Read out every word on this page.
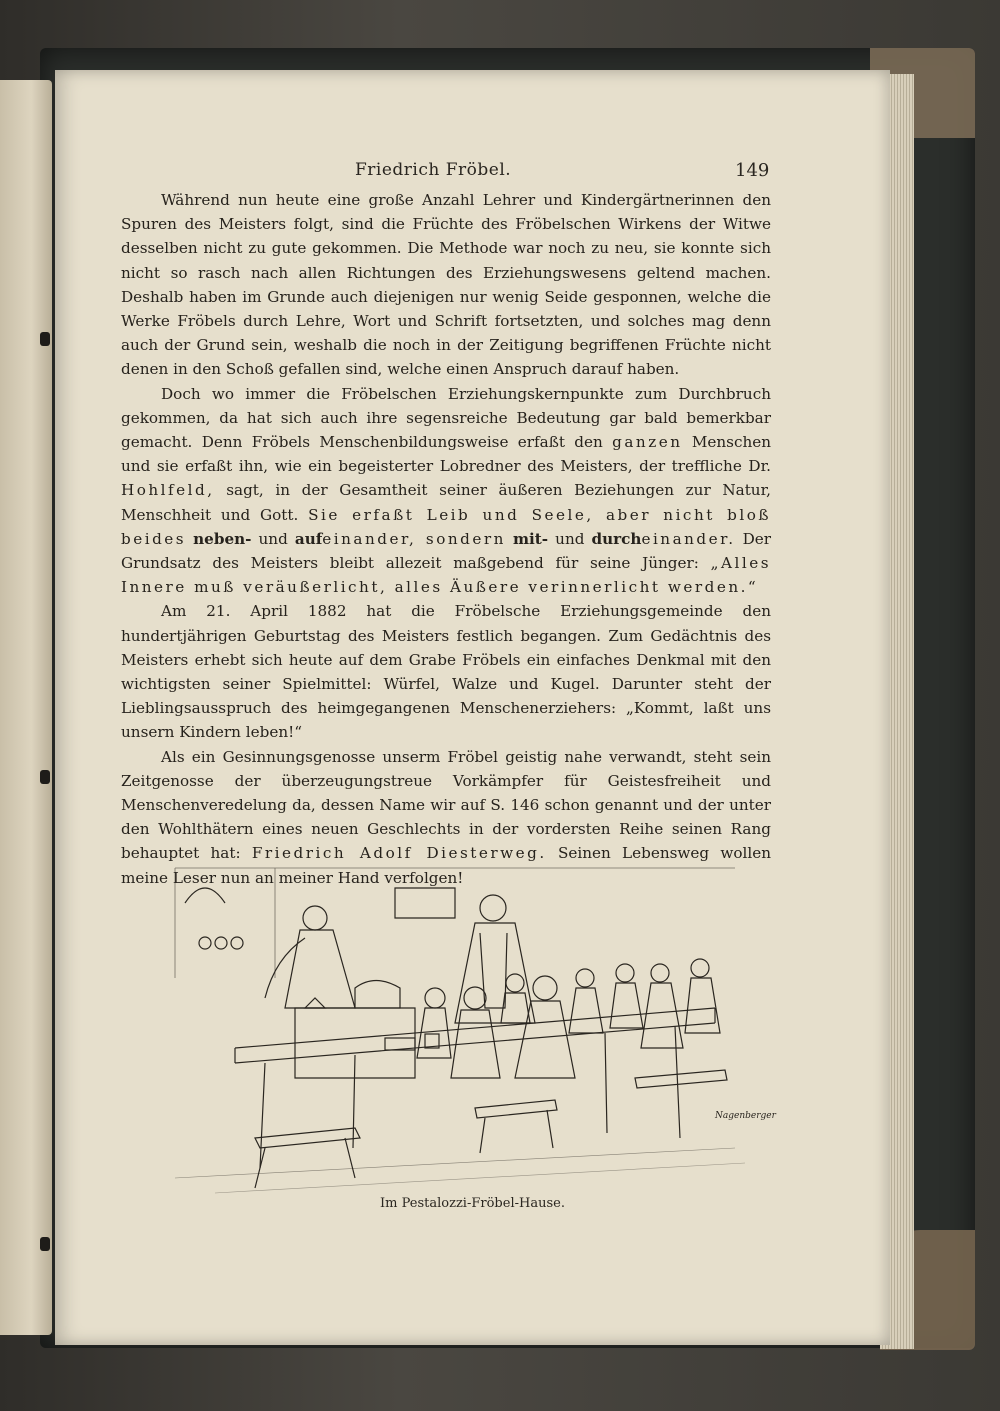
Friedrich Fröbel.	149

Während nun heute eine große Anzahl Lehrer und Kindergärtnerinnen den Spuren des Meisters folgt, sind die Früchte des Fröbelschen Wirkens der Witwe desselben nicht zu gute gekommen. Die Methode war noch zu neu, sie konnte sich nicht so rasch nach allen Richtungen des Erziehungswesens geltend machen. Deshalb haben im Grunde auch diejenigen nur wenig Seide gesponnen, welche die Werke Fröbels durch Lehre, Wort und Schrift fortsetzten, und solches mag denn auch der Grund sein, weshalb die noch in der Zeitigung begriffenen Früchte nicht denen in den Schoß gefallen sind, welche einen Anspruch darauf haben.

Doch wo immer die Fröbelschen Erziehungskernpunkte zum Durchbruch gekommen, da hat sich auch ihre segensreiche Bedeutung gar bald bemerkbar gemacht. Denn Fröbels Menschenbildungsweise erfaßt den ganzen Menschen und sie erfaßt ihn, wie ein begeisterter Lobredner des Meisters, der treffliche Dr. Hohlfeld, sagt, in der Gesamtheit seiner äußeren Beziehungen zur Natur, Menschheit und Gott. Sie erfaßt Leib und Seele, aber nicht bloß beides neben- und aufeinander, sondern mit- und durcheinander. Der Grundsatz des Meisters bleibt allezeit maßgebend für seine Jünger: „Alles Innere muß veräußerlicht, alles Äußere verinnerlicht werden.“

Am 21. April 1882 hat die Fröbelsche Erziehungsgemeinde den hundertjährigen Geburtstag des Meisters festlich begangen. Zum Gedächtnis des Meisters erhebt sich heute auf dem Grabe Fröbels ein einfaches Denkmal mit den wichtigsten seiner Spielmittel: Würfel, Walze und Kugel. Darunter steht der Lieblingsausspruch des heimgegangenen Menschenerziehers: „Kommt, laßt uns unsern Kindern leben!“

Als ein Gesinnungsgenosse unserm Fröbel geistig nahe verwandt, steht sein Zeitgenosse der überzeugungstreue Vorkämpfer für Geistesfreiheit und Menschenveredelung da, dessen Name wir auf S. 146 schon genannt und der unter den Wohlthätern eines neuen Geschlechts in der vordersten Reihe seinen Rang behauptet hat: Friedrich Adolf Diesterweg. Seinen Lebensweg wollen meine Leser nun an meiner Hand verfolgen!

Nagenberger
Im Pestalozzi-Fröbel-Hause.
